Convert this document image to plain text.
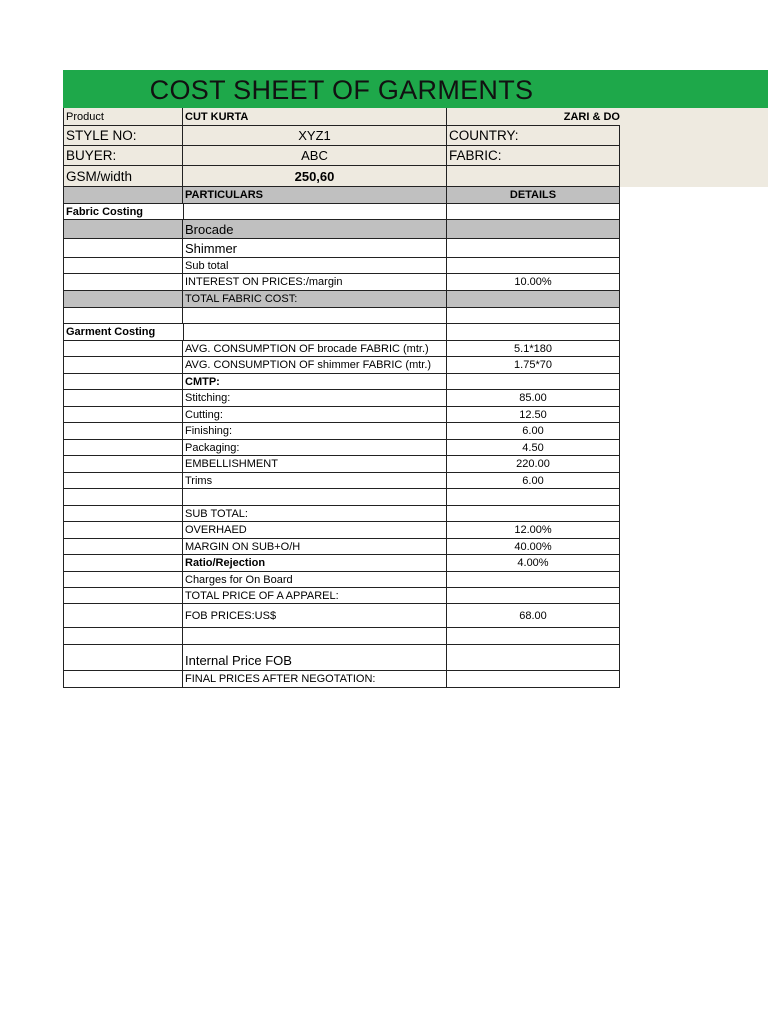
COST SHEET OF GARMENTS
Product	CUT KURTA	ZARI & DO
STYLE NO:	XYZ1	COUNTRY:
BUYER:	ABC	FABRIC:
GSM/width	250,60
PARTICULARS	DETAILS
Fabric Costing
Brocade
Shimmer
Sub total
INTEREST ON PRICES:/margin	10.00%
TOTAL FABRIC COST:
Garment Costing
AVG. CONSUMPTION OF brocade FABRIC (mtr.)	5.1*180
AVG. CONSUMPTION OF shimmer FABRIC (mtr.)	1.75*70
CMTP:
Stitching:	85.00
Cutting:	12.50
Finishing:	6.00
Packaging:	4.50
EMBELLISHMENT	220.00
Trims	6.00
SUB TOTAL:
OVERHAED	12.00%
MARGIN ON SUB+O/H	40.00%
Ratio/Rejection	4.00%
Charges for On Board
TOTAL PRICE OF A APPAREL:
FOB PRICES:US$	68.00
Internal Price FOB
FINAL PRICES AFTER NEGOTATION:
